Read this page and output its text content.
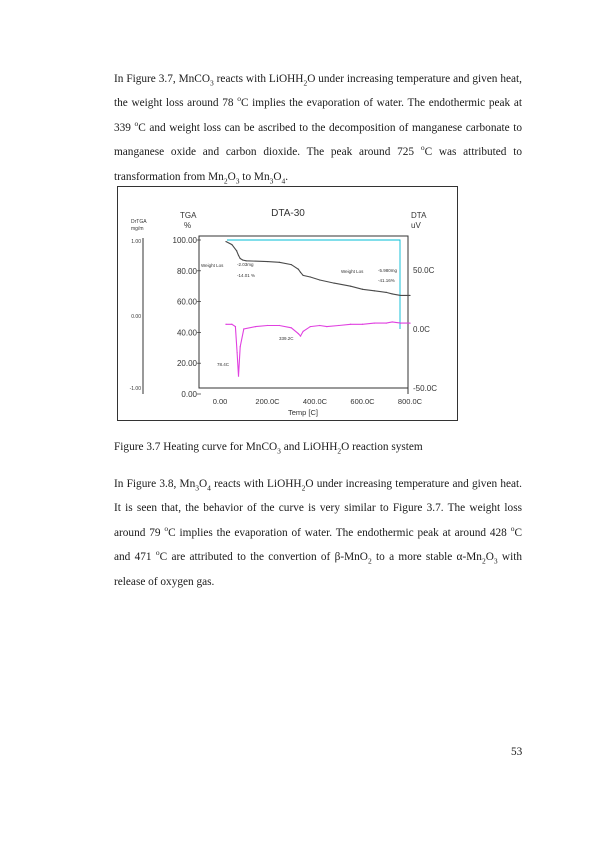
In Figure 3.7, MnCO$_3$ reacts with LiOHH$_2$O under increasing temperature and given heat, the weight loss around 78 $^o$C implies the evaporation of water. The endothermic peak at 339 $^o$C and weight loss can be ascribed to the decomposition of manganese carbonate to manganese oxide and carbon dioxide. The peak around 725 $^o$C was attributed to transformation from $Mn_2O_3$ to $Mn_3O_4$.

DTA-30
DrTGA
mg/m
TGA
%
DTA
uV
1.00
0.00
-1.00
100.00
80.00
60.00
40.00
20.00
0.00
50.0C
0.0C
-50.0C
0.00	200.0C	400.0C	600.0C	800.0C
Temp [C]
Weight Los	-2.03mg
-14.01 %
Weight Los	-5.980mg
-41.16%
78.4C
339.2C

Figure 3.7 Heating curve for MnCO$_3$ and LiOHH$_2$O reaction system

In Figure 3.8, $Mn_3O_4$ reacts with LiOHH$_2$O under increasing temperature and given heat. It is seen that, the behavior of the curve is very similar to Figure 3.7. The weight loss around 79 $^o$C implies the evaporation of water. The endothermic peak at around 428 $^o$C and 471 $^o$C are attributed to the convertion of β-MnO$_2$ to a more stable $\alpha-Mn_2O_3$ with release of oxygen gas.

53
